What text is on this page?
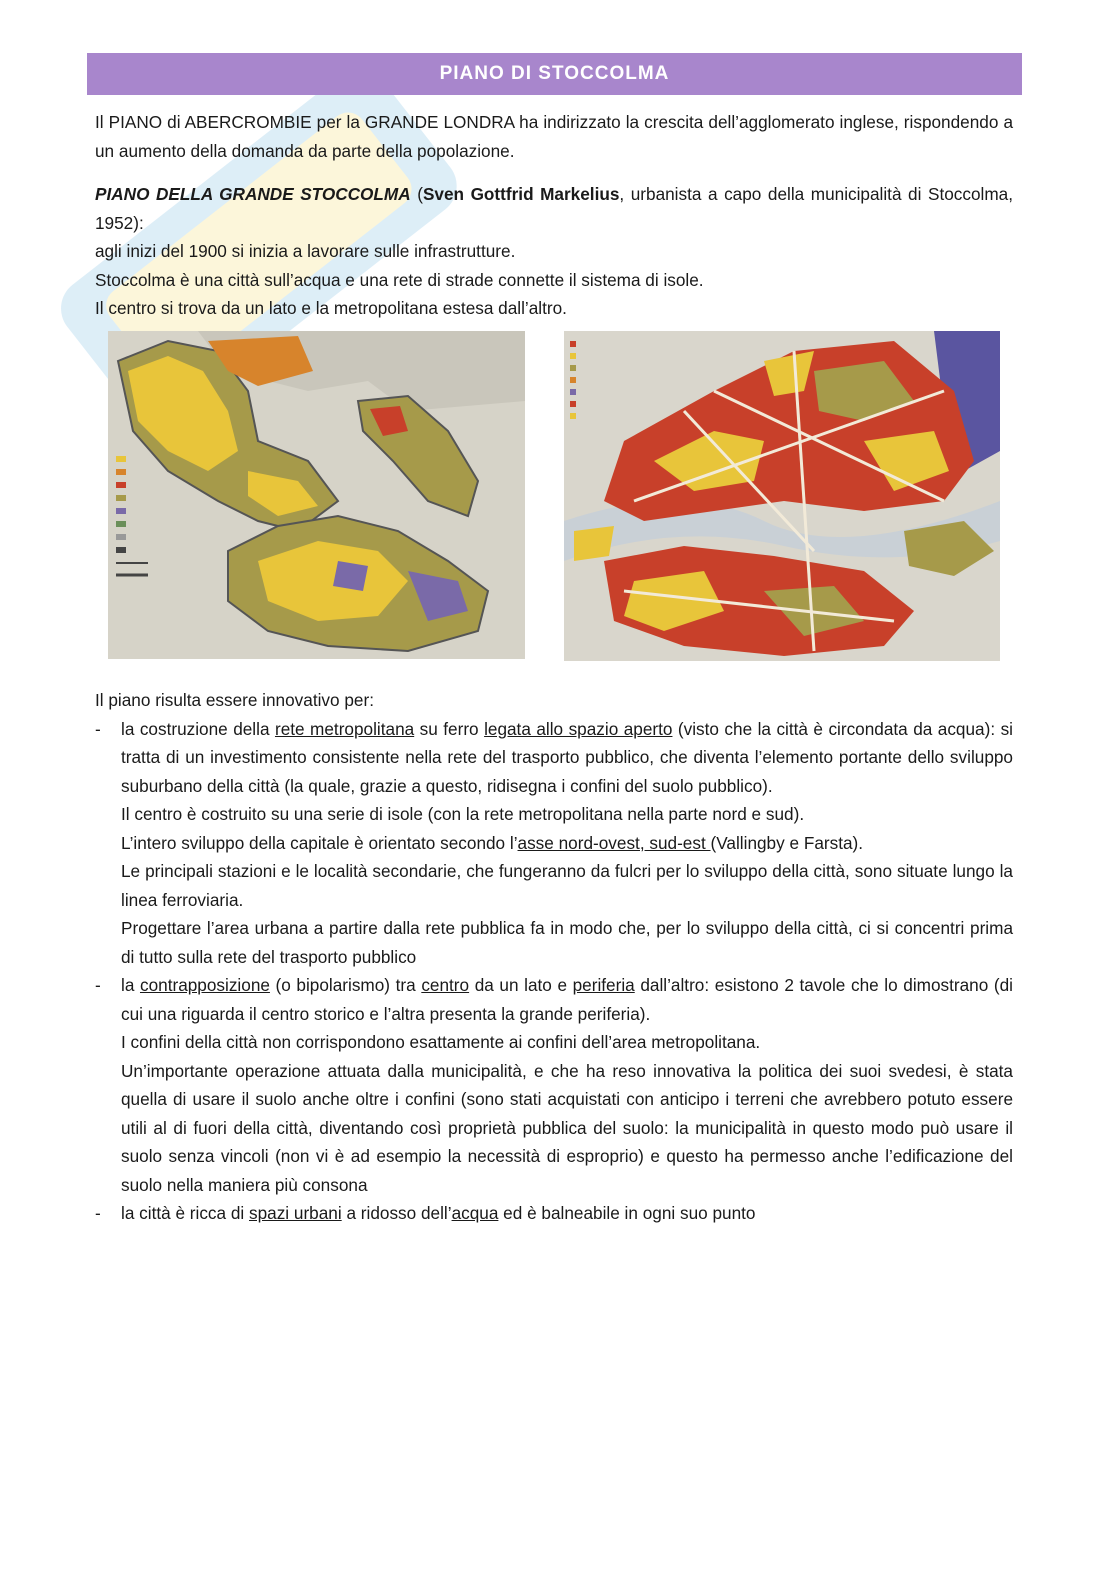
PIANO DI STOCCOLMA
Il PIANO di ABERCROMBIE per la GRANDE LONDRA ha indirizzato la crescita dell’agglomerato inglese, rispondendo a un aumento della domanda da parte della popolazione.

PIANO DELLA GRANDE STOCCOLMA (Sven Gottfrid Markelius, urbanista a capo della municipalità di Stoccolma, 1952):

agli inizi del 1900 si inizia a lavorare sulle infrastrutture.

Stoccolma è una città sull’acqua e una rete di strade connette il sistema di isole.

Il centro si trova da un lato e la metropolitana estesa dall’altro.

Il piano risulta essere innovativo per:

- la costruzione della rete metropolitana su ferro legata allo spazio aperto (visto che la città è circondata da acqua): si tratta di un investimento consistente nella rete del trasporto pubblico, che diventa l’elemento portante dello sviluppo suburbano della città (la quale, grazie a questo, ridisegna i confini del suolo pubblico).

Il centro è costruito su una serie di isole (con la rete metropolitana nella parte nord e sud).

L’intero sviluppo della capitale è orientato secondo l’asse nord-ovest, sud-est (Vallingby e Farsta).

Le principali stazioni e le località secondarie, che fungeranno da fulcri per lo sviluppo della città, sono situate lungo la linea ferroviaria.

Progettare l’area urbana a partire dalla rete pubblica fa in modo che, per lo sviluppo della città, ci si concentri prima di tutto sulla rete del trasporto pubblico

- la contrapposizione (o bipolarismo) tra centro da un lato e periferia dall’altro: esistono 2 tavole che lo dimostrano (di cui una riguarda il centro storico e l’altra presenta la grande periferia).

I confini della città non corrispondono esattamente ai confini dell’area metropolitana.

Un’importante operazione attuata dalla municipalità, e che ha reso innovativa la politica dei suoi svedesi, è stata quella di usare il suolo anche oltre i confini (sono stati acquistati con anticipo i terreni che avrebbero potuto essere utili al di fuori della città, diventando così proprietà pubblica del suolo: la municipalità in questo modo può usare il suolo senza vincoli (non vi è ad esempio la necessità di esproprio) e questo ha permesso anche l’edificazione del suolo nella maniera più consona

- la città è ricca di spazi urbani a ridosso dell’acqua ed è balneabile in ogni suo punto
